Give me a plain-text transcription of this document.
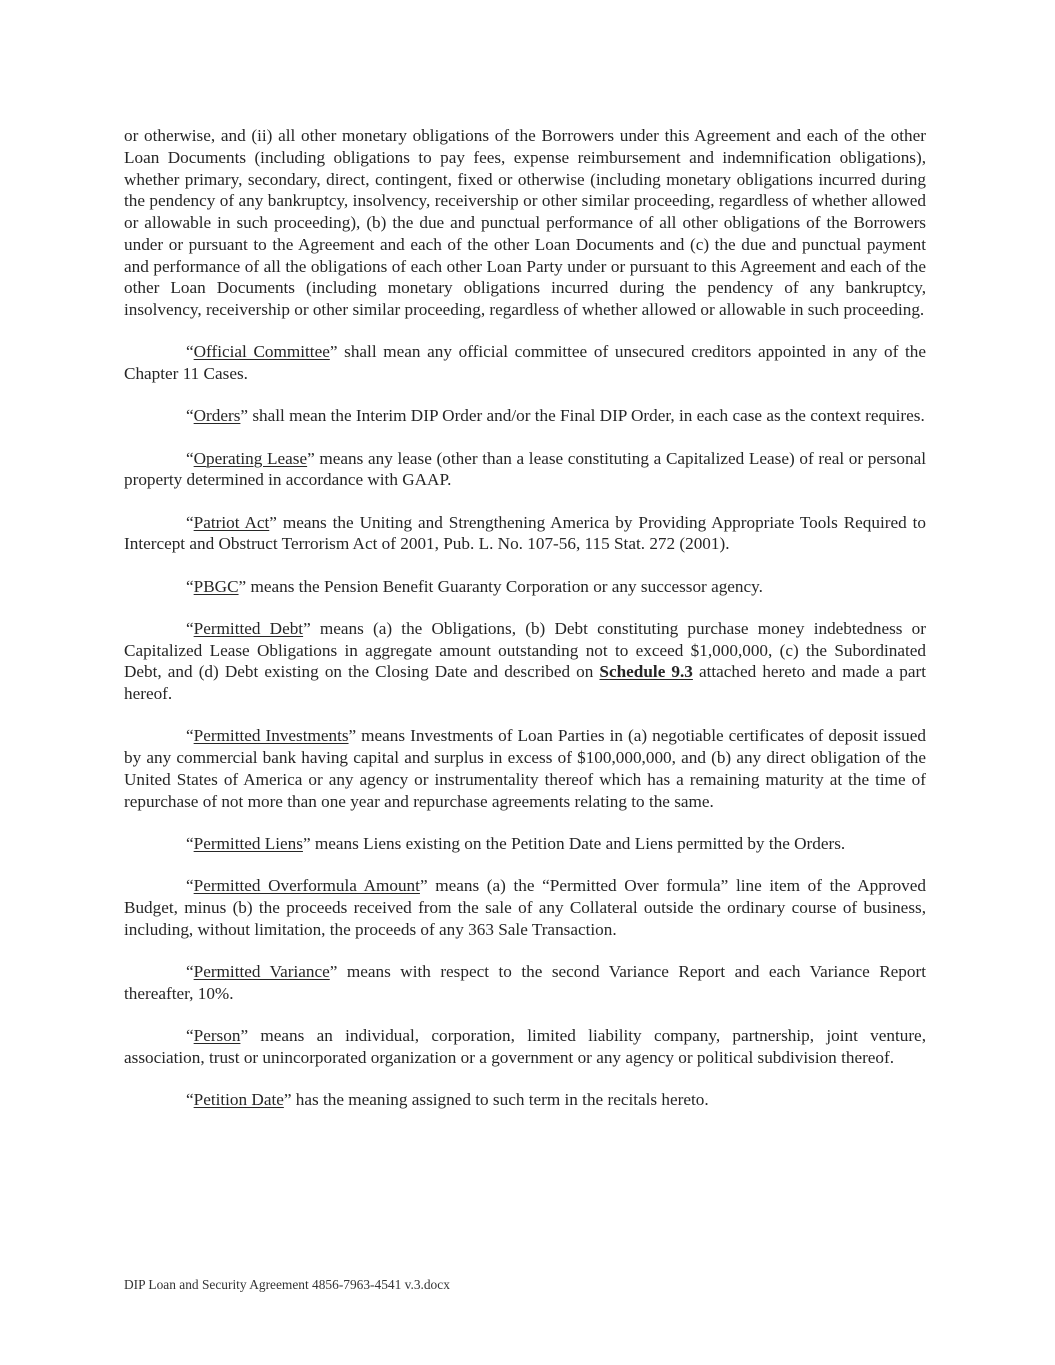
or otherwise, and (ii) all other monetary obligations of the Borrowers under this Agreement and each of the other Loan Documents (including obligations to pay fees, expense reimbursement and indemnification obligations), whether primary, secondary, direct, contingent, fixed or otherwise (including monetary obligations incurred during the pendency of any bankruptcy, insolvency, receivership or other similar proceeding, regardless of whether allowed or allowable in such proceeding), (b) the due and punctual performance of all other obligations of the Borrowers under or pursuant to the Agreement and each of the other Loan Documents and (c) the due and punctual payment and performance of all the obligations of each other Loan Party under or pursuant to this Agreement and each of the other Loan Documents (including monetary obligations incurred during the pendency of any bankruptcy, insolvency, receivership or other similar proceeding, regardless of whether allowed or allowable in such proceeding.

“Official Committee” shall mean any official committee of unsecured creditors appointed in any of the Chapter 11 Cases.

“Orders” shall mean the Interim DIP Order and/or the Final DIP Order, in each case as the context requires.

“Operating Lease” means any lease (other than a lease constituting a Capitalized Lease) of real or personal property determined in accordance with GAAP.

“Patriot Act” means the Uniting and Strengthening America by Providing Appropriate Tools Required to Intercept and Obstruct Terrorism Act of 2001, Pub. L. No. 107-56, 115 Stat. 272 (2001).

“PBGC” means the Pension Benefit Guaranty Corporation or any successor agency.

“Permitted Debt” means (a) the Obligations, (b) Debt constituting purchase money indebtedness or Capitalized Lease Obligations in aggregate amount outstanding not to exceed $1,000,000, (c) the Subordinated Debt, and (d) Debt existing on the Closing Date and described on Schedule 9.3 attached hereto and made a part hereof.

“Permitted Investments” means Investments of Loan Parties in (a) negotiable certificates of deposit issued by any commercial bank having capital and surplus in excess of $100,000,000, and (b) any direct obligation of the United States of America or any agency or instrumentality thereof which has a remaining maturity at the time of repurchase of not more than one year and repurchase agreements relating to the same.

“Permitted Liens” means Liens existing on the Petition Date and Liens permitted by the Orders.

“Permitted Overformula Amount” means (a) the “Permitted Over formula” line item of the Approved Budget, minus (b) the proceeds received from the sale of any Collateral outside the ordinary course of business, including, without limitation, the proceeds of any 363 Sale Transaction.

“Permitted Variance” means with respect to the second Variance Report and each Variance Report thereafter, 10%.

“Person” means an individual, corporation, limited liability company, partnership, joint venture, association, trust or unincorporated organization or a government or any agency or political subdivision thereof.

“Petition Date” has the meaning assigned to such term in the recitals hereto.

DIP Loan and Security Agreement 4856-7963-4541 v.3.docx
